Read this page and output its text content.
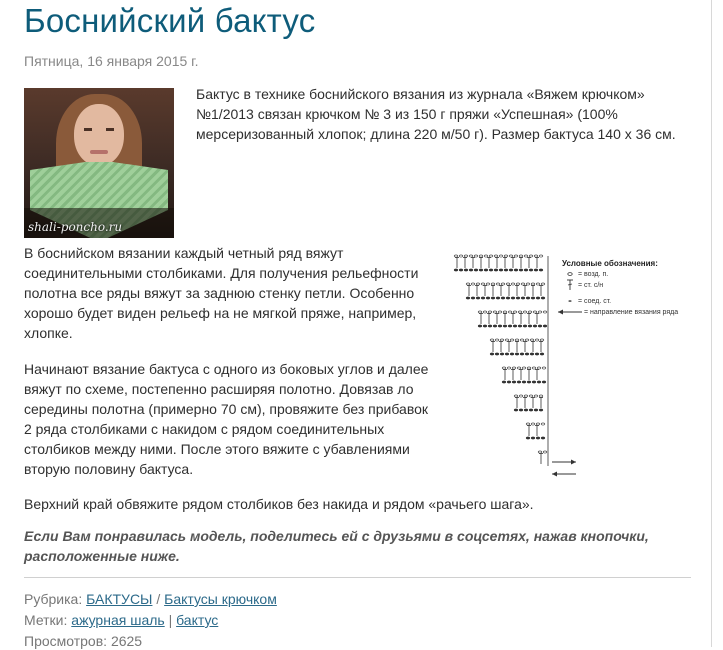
Боснийский бактус
Пятница, 16 января 2015 г.
shali-poncho.ru

Бактус в технике боснийского вязания из журнала «Вяжем крючком» №1/2013 связан крючком № 3 из 150 г пряжи «Успешная» (100% мерсеризованный хлопок; длина 220 м/50 г). Размер бактуса 140 х 36 см.

В боснийском вязании каждый четный ряд вяжут соединительными столбиками. Для получения рельефности полотна все ряды вяжут за заднюю стенку петли. Особенно хорошо будет виден рельеф на не мягкой пряже, например, хлопке.

Начинают вязание бактуса с одного из боковых углов и далее вяжут по схеме, постепенно расширяя полотно. Довязав ло середины полотна (примерно 70 см), провяжите без прибавок 2 ряда столбиками с накидом с рядом соединительных столбиков между ними. После этого вяжите с убавлениями вторую половину бактуса.

Условные обозначения:
= возд. п.
= ст. с/н
= соед. ст.
= направление вязания ряда

Верхний край обвяжите рядом столбиков без накида и рядом «рачьего шага».

Если Вам понравилась модель, поделитесь ей с друзьями в соцсетях, нажав кнопочки, расположенные ниже.

Рубрика: БАКТУСЫ / Бактусы крючком
Метки: ажурная шаль | бактус
Просмотров: 2625
